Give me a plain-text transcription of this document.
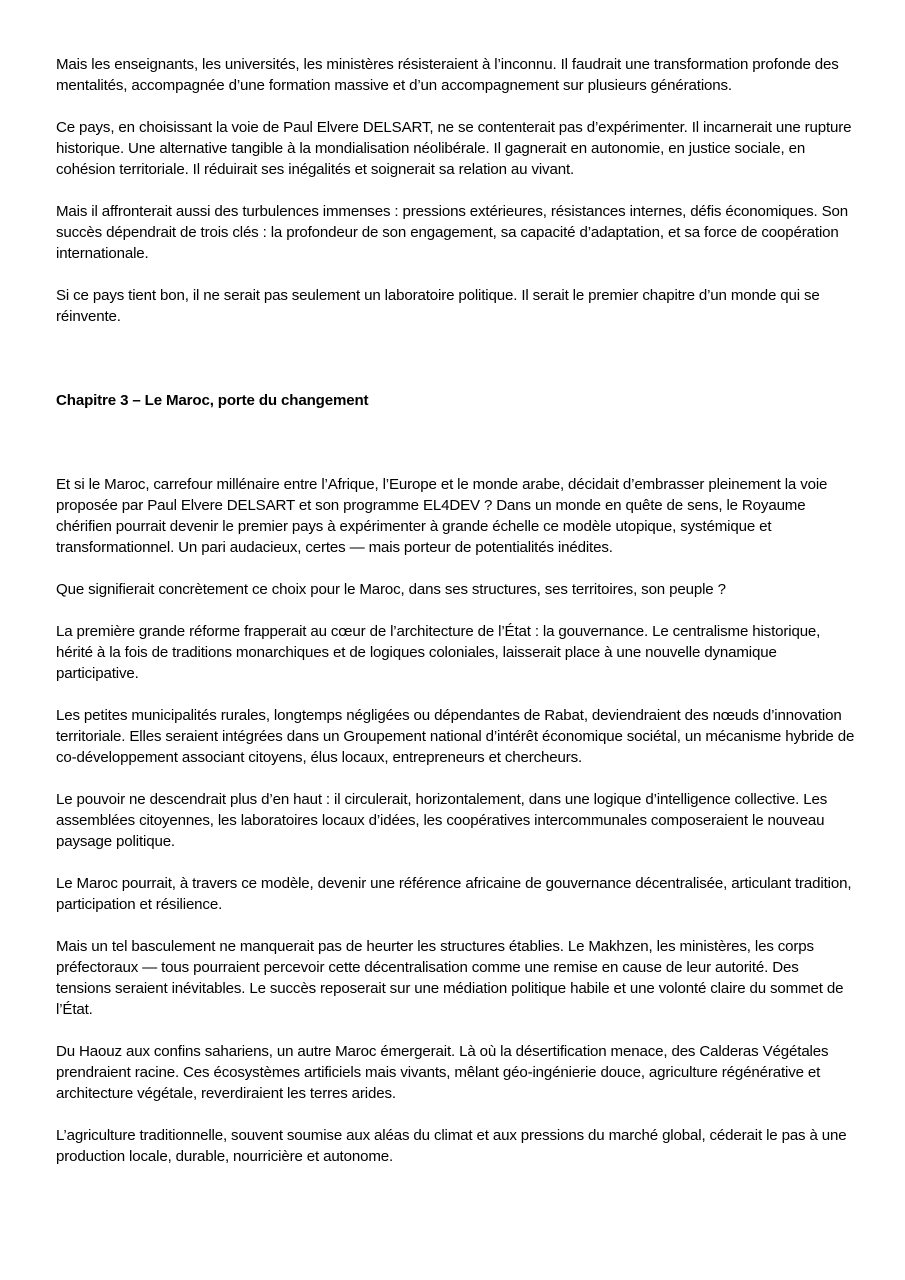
Mais les enseignants, les universités, les ministères résisteraient à l’inconnu. Il faudrait une transformation profonde des mentalités, accompagnée d’une formation massive et d’un accompagnement sur plusieurs générations.

Ce pays, en choisissant la voie de Paul Elvere DELSART, ne se contenterait pas d’expérimenter. Il incarnerait une rupture historique. Une alternative tangible à la mondialisation néolibérale. Il gagnerait en autonomie, en justice sociale, en cohésion territoriale. Il réduirait ses inégalités et soignerait sa relation au vivant.

Mais il affronterait aussi des turbulences immenses : pressions extérieures, résistances internes, défis économiques. Son succès dépendrait de trois clés : la profondeur de son engagement, sa capacité d’adaptation, et sa force de coopération internationale.

Si ce pays tient bon, il ne serait pas seulement un laboratoire politique. Il serait le premier chapitre d’un monde qui se réinvente.

Chapitre 3 – Le Maroc, porte du changement

Et si le Maroc, carrefour millénaire entre l’Afrique, l’Europe et le monde arabe, décidait d’embrasser pleinement la voie proposée par Paul Elvere DELSART et son programme EL4DEV ? Dans un monde en quête de sens, le Royaume chérifien pourrait devenir le premier pays à expérimenter à grande échelle ce modèle utopique, systémique et transformationnel. Un pari audacieux, certes — mais porteur de potentialités inédites.

Que signifierait concrètement ce choix pour le Maroc, dans ses structures, ses territoires, son peuple ?

La première grande réforme frapperait au cœur de l’architecture de l’État : la gouvernance. Le centralisme historique, hérité à la fois de traditions monarchiques et de logiques coloniales, laisserait place à une nouvelle dynamique participative.

Les petites municipalités rurales, longtemps négligées ou dépendantes de Rabat, deviendraient des nœuds d’innovation territoriale. Elles seraient intégrées dans un Groupement national d’intérêt économique sociétal, un mécanisme hybride de co-développement associant citoyens, élus locaux, entrepreneurs et chercheurs.

Le pouvoir ne descendrait plus d’en haut : il circulerait, horizontalement, dans une logique d’intelligence collective. Les assemblées citoyennes, les laboratoires locaux d’idées, les coopératives intercommunales composeraient le nouveau paysage politique.

Le Maroc pourrait, à travers ce modèle, devenir une référence africaine de gouvernance décentralisée, articulant tradition, participation et résilience.

Mais un tel basculement ne manquerait pas de heurter les structures établies. Le Makhzen, les ministères, les corps préfectoraux — tous pourraient percevoir cette décentralisation comme une remise en cause de leur autorité. Des tensions seraient inévitables. Le succès reposerait sur une médiation politique habile et une volonté claire du sommet de l’État.

Du Haouz aux confins sahariens, un autre Maroc émergerait. Là où la désertification menace, des Calderas Végétales prendraient racine. Ces écosystèmes artificiels mais vivants, mêlant géo-ingénierie douce, agriculture régénérative et architecture végétale, reverdiraient les terres arides.

L’agriculture traditionnelle, souvent soumise aux aléas du climat et aux pressions du marché global, céderait le pas à une production locale, durable, nourricière et autonome.
